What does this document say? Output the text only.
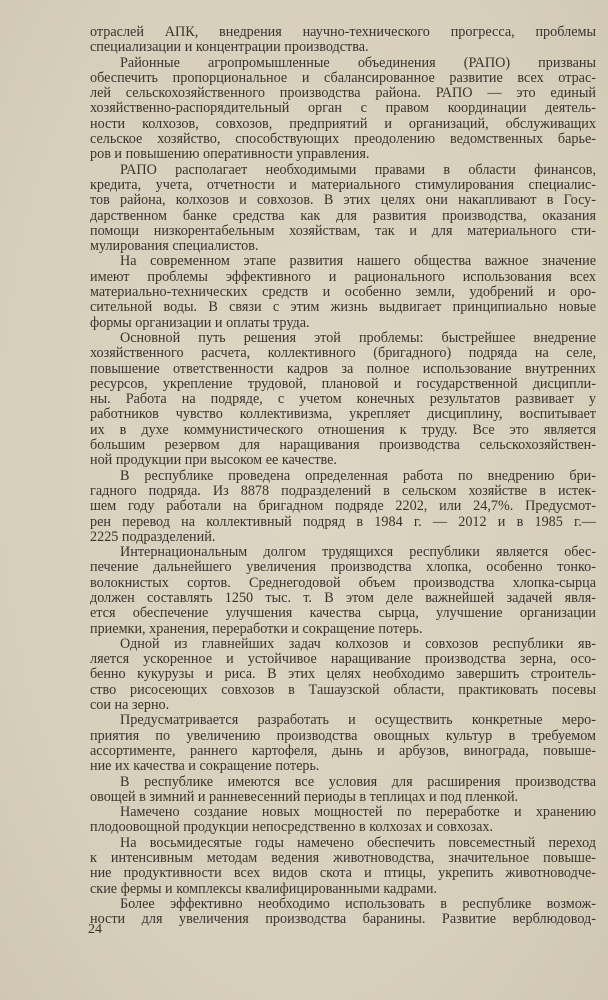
отраслей АПК, внедрения научно-технического прогресса, проблемы
специализации и концентрации производства.
Районные агропромышленные объединения (РАПО) призваны
обеспечить пропорциональное и сбалансированное развитие всех отрас-
лей сельскохозяйственного производства района. РАПО — это единый
хозяйственно-распорядительный орган с правом координации деятель-
ности колхозов, совхозов, предприятий и организаций, обслуживащих
сельское хозяйство, способствующих преодолению ведомственных барье-
ров и повышению оперативности управления.
РАПО располагает необходимыми правами в области финансов,
кредита, учета, отчетности и материального стимулирования специалис-
тов района, колхозов и совхозов. В этих целях они накапливают в Госу-
дарственном банке средства как для развития производства, оказания
помощи низкорентабельным хозяйствам, так и для материального сти-
мулирования специалистов.
На современном этапе развития нашего общества важное значение
имеют проблемы эффективного и рационального использования всех
материально-технических средств и особенно земли, удобрений и оро-
сительной воды. В связи с этим жизнь выдвигает принципиально новые
формы организации и оплаты труда.
Основной путь решения этой проблемы: быстрейшее внедрение
хозяйственного расчета, коллективного (бригадного) подряда на селе,
повышение ответственности кадров за полное использование внутренних
ресурсов, укрепление трудовой, плановой и государственной дисципли-
ны. Работа на подряде, с учетом конечных результатов развивает у
работников чувство коллективизма, укрепляет дисциплину, воспитывает
их в духе коммунистического отношения к труду. Все это является
большим резервом для наращивания производства сельскохозяйствен-
ной продукции при высоком ее качестве.
В республике проведена определенная работа по внедрению бри-
гадного подряда. Из 8878 подразделений в сельском хозяйстве в истек-
шем году работали на бригадном подряде 2202, или 24,7%. Предусмот-
рен перевод на коллективный подряд в 1984 г. — 2012 и в 1985 г.—
2225 подразделений.
Интернациональным долгом трудящихся республики является обес-
печение дальнейшего увеличения производства хлопка, особенно тонко-
волокнистых сортов. Среднегодовой объем производства хлопка-сырца
должен составлять 1250 тыс. т. В этом деле важнейшей задачей явля-
ется обеспечение улучшения качества сырца, улучшение организации
приемки, хранения, переработки и сокращение потерь.
Одной из главнейших задач колхозов и совхозов республики яв-
ляется ускоренное и устойчивое наращивание производства зерна, осо-
бенно кукурузы и риса. В этих целях необходимо завершить строитель-
ство рисосеющих совхозов в Ташаузской области, практиковать посевы
сои на зерно.
Предусматривается разработать и осуществить конкретные меро-
приятия по увеличению производства овощных культур в требуемом
ассортименте, раннего картофеля, дынь и арбузов, винограда, повыше-
ние их качества и сокращение потерь.
В республике имеются все условия для расширения производства
овощей в зимний и ранневесенний периоды в теплицах и под пленкой.
Намечено создание новых мощностей по переработке и хранению
плодоовощной продукции непосредственно в колхозах и совхозах.
На восьмидесятые годы намечено обеспечить повсеместный переход
к интенсивным методам ведения животноводства, значительное повыше-
ние продуктивности всех видов скота и птицы, укрепить животноводче-
ские фермы и комплексы квалифицированными кадрами.
Более эффективно необходимо использовать в республике возмож-
ности для увеличения производства баранины. Развитие верблюдовод-
24
